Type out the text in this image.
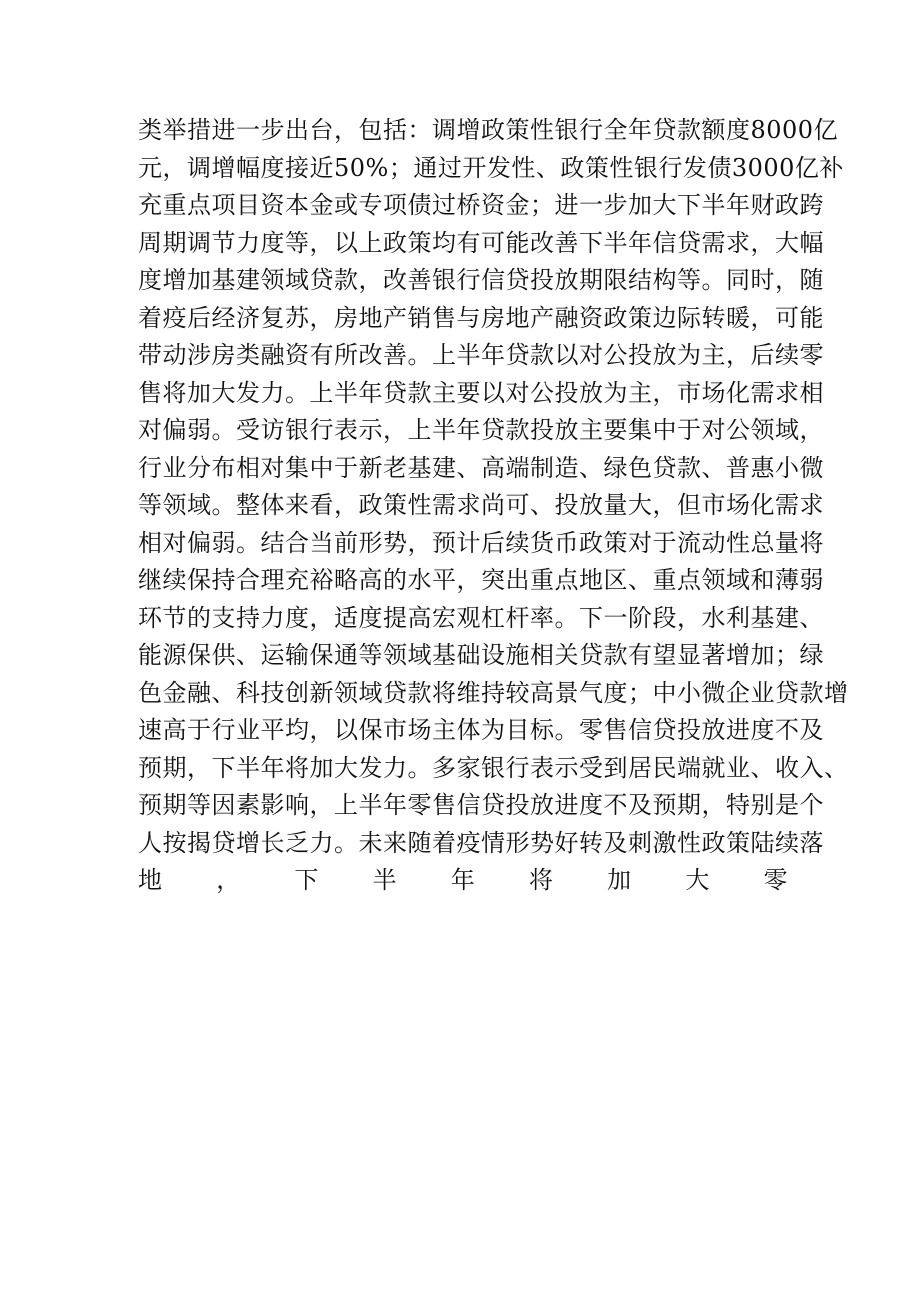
类举措进一步出台，包括：调增政策性银行全年贷款额度8000亿
元，调增幅度接近50%；通过开发性、政策性银行发债3000亿补
充重点项目资本金或专项债过桥资金；进一步加大下半年财政跨
周期调节力度等，以上政策均有可能改善下半年信贷需求，大幅
度增加基建领域贷款，改善银行信贷投放期限结构等。同时，随
着疫后经济复苏，房地产销售与房地产融资政策边际转暖，可能
带动涉房类融资有所改善。上半年贷款以对公投放为主，后续零
售将加大发力。上半年贷款主要以对公投放为主，市场化需求相
对偏弱。受访银行表示，上半年贷款投放主要集中于对公领域，
行业分布相对集中于新老基建、高端制造、绿色贷款、普惠小微
等领域。整体来看，政策性需求尚可、投放量大，但市场化需求
相对偏弱。结合当前形势，预计后续货币政策对于流动性总量将
继续保持合理充裕略高的水平，突出重点地区、重点领域和薄弱
环节的支持力度，适度提高宏观杠杆率。下一阶段，水利基建、
能源保供、运输保通等领域基础设施相关贷款有望显著增加；绿
色金融、科技创新领域贷款将维持较高景气度；中小微企业贷款增
速高于行业平均，以保市场主体为目标。零售信贷投放进度不及
预期，下半年将加大发力。多家银行表示受到居民端就业、收入、
预期等因素影响，上半年零售信贷投放进度不及预期，特别是个
人按揭贷增长乏力。未来随着疫情形势好转及刺激性政策陆续落
地 ， 下 半 年 将 加 大 零
